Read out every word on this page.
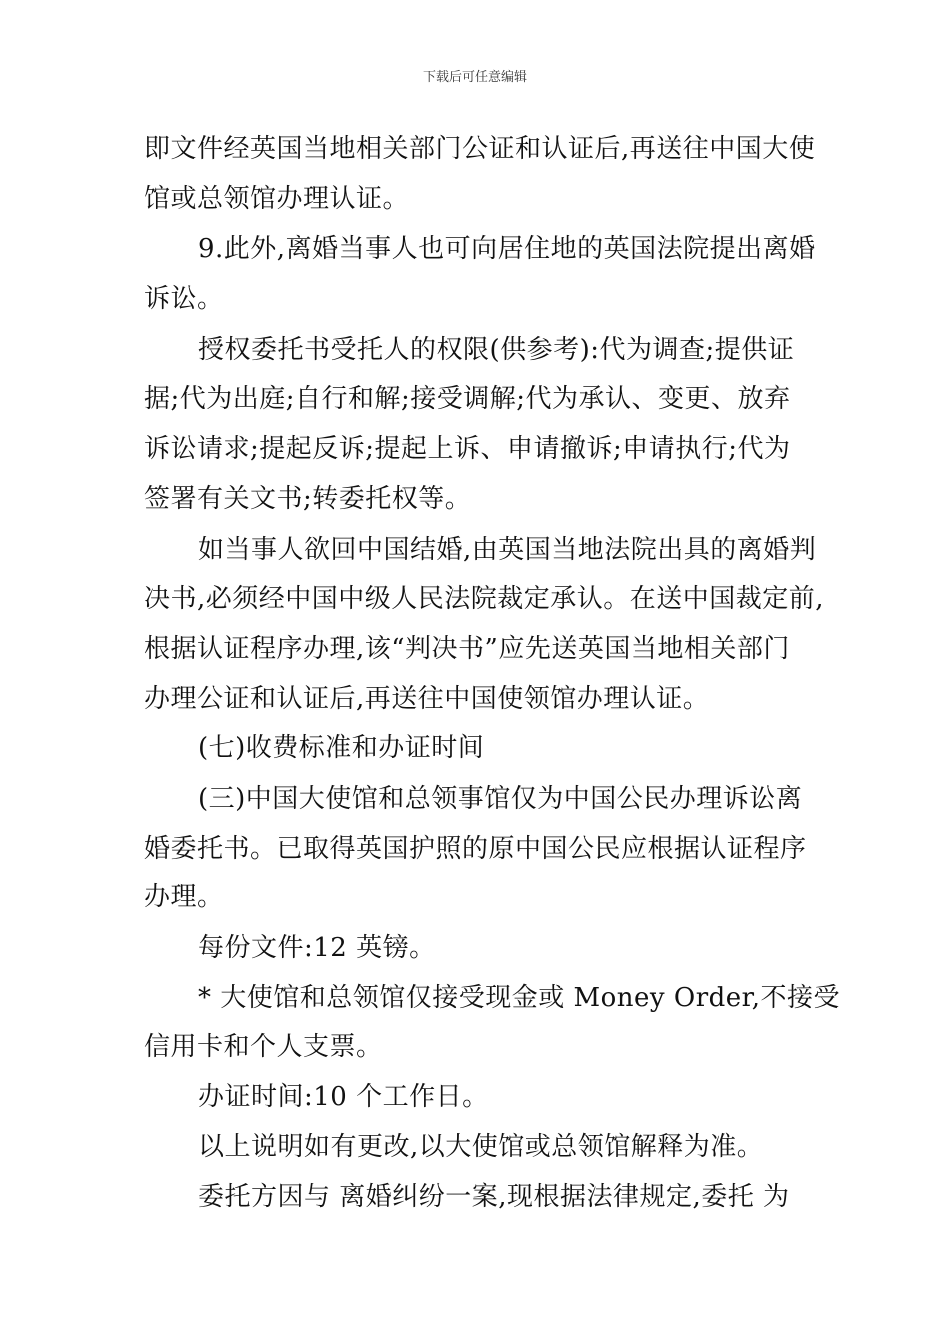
下载后可任意编辑
即文件经英国当地相关部门公证和认证后,再送往中国大使
馆或总领馆办理认证。
9.此外,离婚当事人也可向居住地的英国法院提出离婚
诉讼。
授权委托书受托人的权限(供参考):代为调查;提供证
据;代为出庭;自行和解;接受调解;代为承认、变更、放弃
诉讼请求;提起反诉;提起上诉、申请撤诉;申请执行;代为
签署有关文书;转委托权等。
如当事人欲回中国结婚,由英国当地法院出具的离婚判
决书,必须经中国中级人民法院裁定承认。在送中国裁定前,
根据认证程序办理,该“判决书”应先送英国当地相关部门
办理公证和认证后,再送往中国使领馆办理认证。
(七)收费标准和办证时间
(三)中国大使馆和总领事馆仅为中国公民办理诉讼离
婚委托书。已取得英国护照的原中国公民应根据认证程序
办理。
每份文件:12 英镑。
* 大使馆和总领馆仅接受现金或 Money Order,不接受
信用卡和个人支票。
办证时间:10 个工作日。
以上说明如有更改,以大使馆或总领馆解释为准。
委托方因与 离婚纠纷一案,现根据法律规定,委托 为
